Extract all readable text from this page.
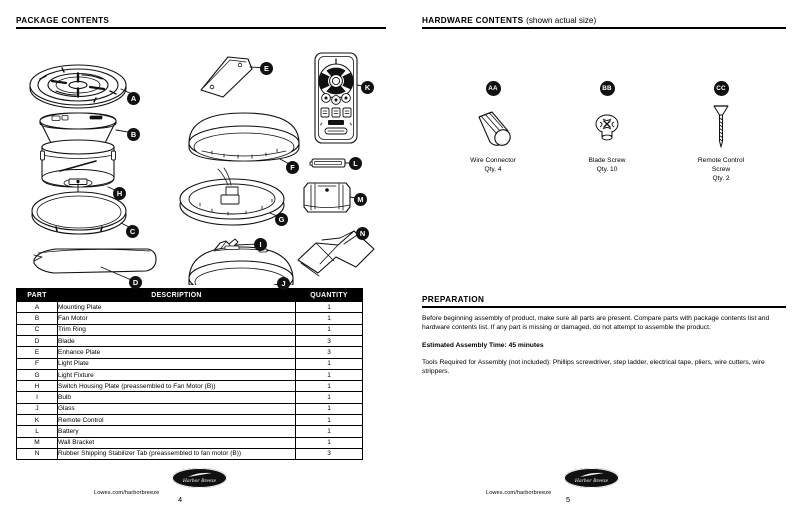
PACKAGE CONTENTS
A
B
H
C
D
E
F
G
I
J
K
L
M
N
PART	DESCRIPTION	QUANTITY
A	Mounting Plate	1
B	Fan Motor	1
C	Trim Ring	1
D	Blade	3
E	Enhance Plate	3
F	Light Plate	1
G	Light Fixture	1
H	Switch Housing Plate (preassembled to Fan Motor (B))	1
I	Bulb	1
J	Glass	1
K	Remote Control	1
L	Battery	1
M	Wall Bracket	1
N	Rubber Shipping Stabilizer Tab (preassembled to fan motor (B))	3
Lowes.com/harborbreeze
Harbor Breeze
4
HARDWARE CONTENTS (shown actual size)
AA
Wire Connector
Qty. 4
BB
Blade Screw
Qty. 10
CC
Remote Control
Screw
Qty. 2
PREPARATION

Before beginning assembly of product, make sure all parts are present. Compare parts with package contents list and hardware contents list. If any part is missing or damaged, do not attempt to assemble the product.

Estimated Assembly Time: 45 minutes

Tools Required for Assembly (not included): Phillips screwdriver, step ladder, electrical tape, pliers, wire cutters, wire strippers.

Lowes.com/harborbreeze
Harbor Breeze
5
